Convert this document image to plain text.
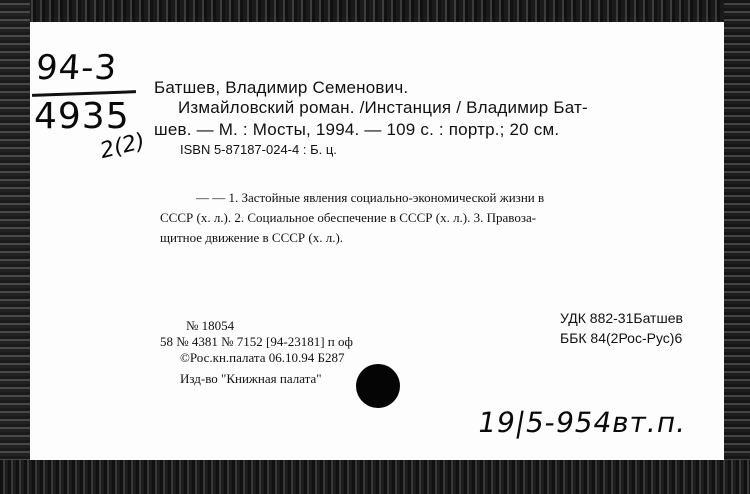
94-3
4935
2(2)
Батшев, Владимир Семенович.
Измайловский роман. /Инстанция / Владимир Бат-
шев. — М. : Мосты, 1994. — 109 с. : портр.; 20 см.
ISBN 5-87187-024-4 : Б. ц.
— — 1. Застойные явления социально-экономической жизни в
СССР (х. л.). 2. Социальное обеспечение в СССР (х. л.). 3. Правоза-
щитное движение в СССР (х. л.).
№ 18054
58 № 4381 № 7152 [94-23181] п оф
©Рос.кн.палата 06.10.94 Б287
Изд-во "Книжная палата"
УДК 882-31Батшев
ББК 84(2Рос-Рус)6
19|5-954вт.п.
